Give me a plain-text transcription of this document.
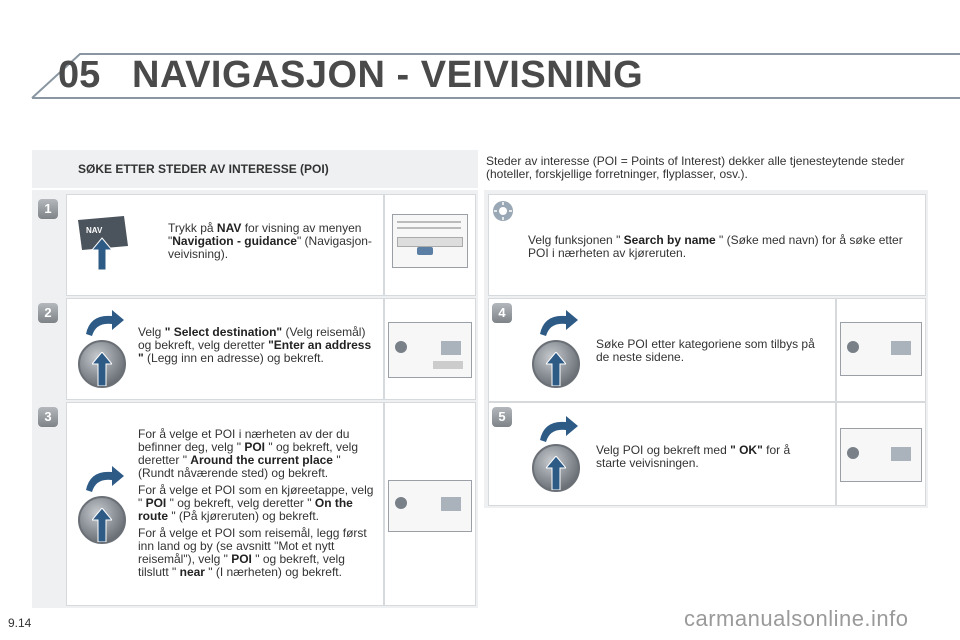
05 NAVIGASJON - VEIVISNING
SØKE ETTER STEDER AV INTERESSE (POI)
Steder av interesse (POI = Points of Interest) dekker alle tjenesteytende steder (hoteller, forskjellige forretninger, flyplasser, osv.).
1
NAV	Trykk på NAV for visning av menyen "Navigation - guidance" (Navigasjon-veivisning).
2
Velg " Select destination" (Velg reisemål) og bekreft, velg deretter "Enter an address " (Legg inn en adresse) og bekreft.
3
For å velge et POI i nærheten av der du befinner deg, velg " POI " og bekreft, velg deretter " Around the current place " (Rundt nåværende sted) og bekreft.
For å velge et POI som en kjøreetappe, velg " POI " og bekreft, velg deretter " On the route " (På kjøreruten) og bekreft.
For å velge et POI som reisemål, legg først inn land og by (se avsnitt "Mot et nytt reisemål"), velg " POI " og bekreft, velg tilslutt " near " (I nærheten) og bekreft.
Velg funksjonen " Search by name " (Søke med navn) for å søke etter POI i nærheten av kjøreruten.
4
Søke POI etter kategoriene som tilbys på de neste sidene.
5
Velg POI og bekreft med " OK" for å starte veivisningen.
9.14	carmanualsonline.info
